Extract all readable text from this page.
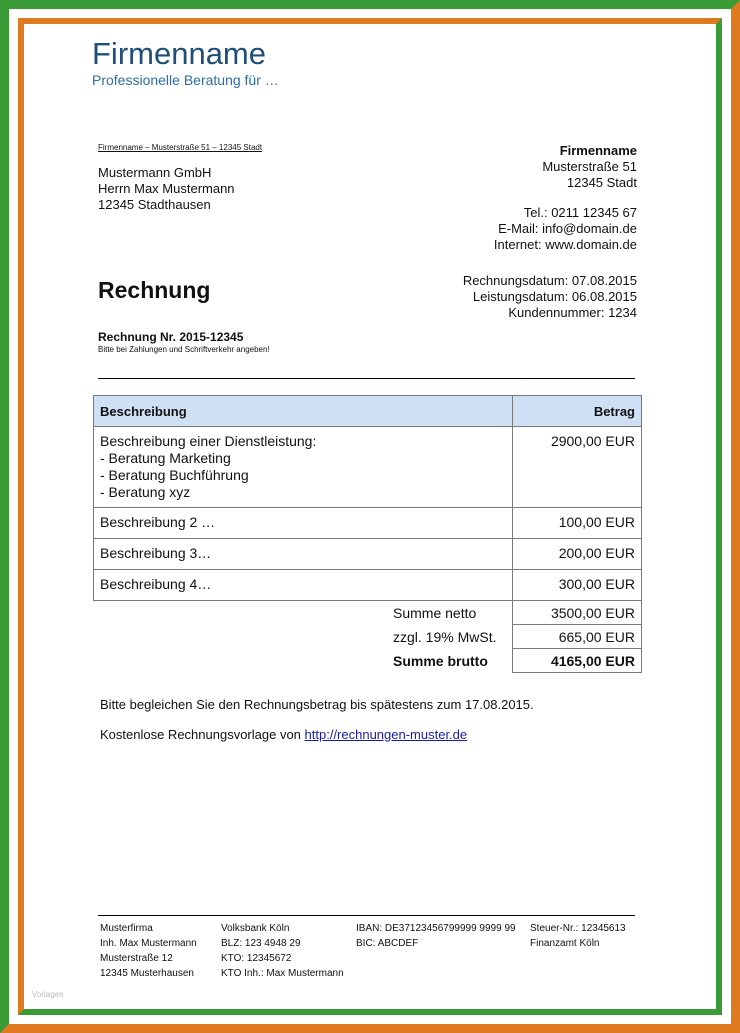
Firmenname
Professionelle Beratung für …
Firmenname – Musterstraße 51 – 12345 Stadt
Mustermann GmbH
Herrn Max Mustermann
12345 Stadthausen
Firmenname
Musterstraße 51
12345 Stadt
Tel.: 0211 12345 67
E-Mail: info@domain.de
Internet: www.domain.de
Rechnung	Rechnungsdatum: 07.08.2015
Leistungsdatum: 06.08.2015
Kundennummer: 1234
Rechnung Nr. 2015-12345
Bitte bei Zahlungen und Schriftverkehr angeben!
Beschreibung	Betrag

Beschreibung einer Dienstleistung:
- Beratung Marketing
- Beratung Buchführung
- Beratung xyz	2900,00 EUR

Beschreibung 2 …	100,00 EUR

Beschreibung 3…	200,00 EUR

Beschreibung 4…	300,00 EUR
Summe netto	3500,00 EUR
zzgl. 19% MwSt.	665,00 EUR
Summe brutto	4165,00 EUR
Bitte begleichen Sie den Rechnungsbetrag bis spätestens zum 17.08.2015.
Kostenlose Rechnungsvorlage von http://rechnungen-muster.de
Musterfirma
Inh. Max Mustermann
Musterstraße 12
12345 Musterhausen
Volksbank Köln
BLZ: 123 4948 29
KTO: 12345672
KTO Inh.: Max Mustermann
IBAN: DE37123456799999 9999 99
BIC: ABCDEF
Steuer-Nr.: 12345613
Finanzamt Köln
Vorlagen
